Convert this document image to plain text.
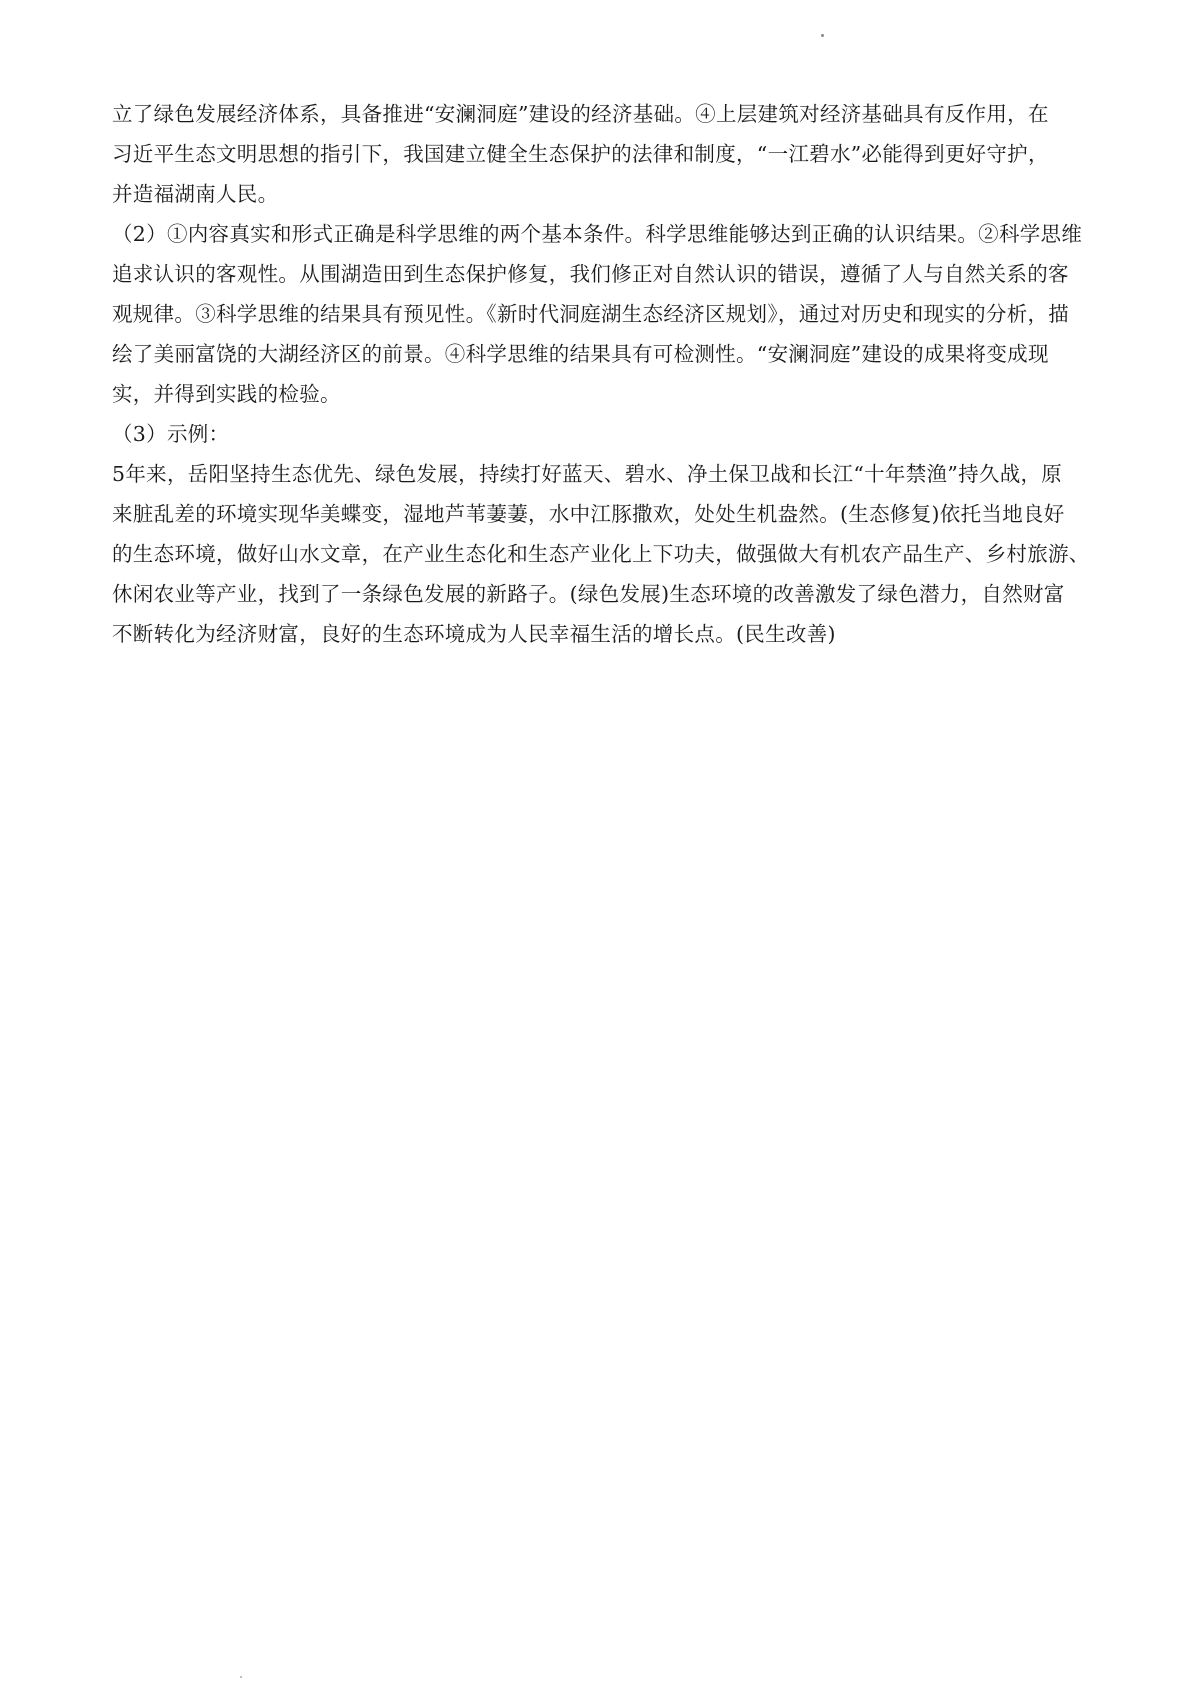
立了绿色发展经济体系，具备推进“安澜洞庭”建设的经济基础。④上层建筑对经济基础具有反作用，在
习近平生态文明思想的指引下，我国建立健全生态保护的法律和制度，“一江碧水”必能得到更好守护，
并造福湖南人民。
（2）①内容真实和形式正确是科学思维的两个基本条件。科学思维能够达到正确的认识结果。②科学思维
追求认识的客观性。从围湖造田到生态保护修复，我们修正对自然认识的错误，遵循了人与自然关系的客
观规律。③科学思维的结果具有预见性。《新时代洞庭湖生态经济区规划》，通过对历史和现实的分析，描
绘了美丽富饶的大湖经济区的前景。④科学思维的结果具有可检测性。“安澜洞庭”建设的成果将变成现
实，并得到实践的检验。
（3）示例：
5年来，岳阳坚持生态优先、绿色发展，持续打好蓝天、碧水、净土保卫战和长江“十年禁渔”持久战，原
来脏乱差的环境实现华美蝶变，湿地芦苇萋萋，水中江豚撒欢，处处生机盎然。(生态修复)依托当地良好
的生态环境，做好山水文章，在产业生态化和生态产业化上下功夫，做强做大有机农产品生产、乡村旅游、
休闲农业等产业，找到了一条绿色发展的新路子。(绿色发展)生态环境的改善激发了绿色潜力，自然财富
不断转化为经济财富，良好的生态环境成为人民幸福生活的增长点。(民生改善)
